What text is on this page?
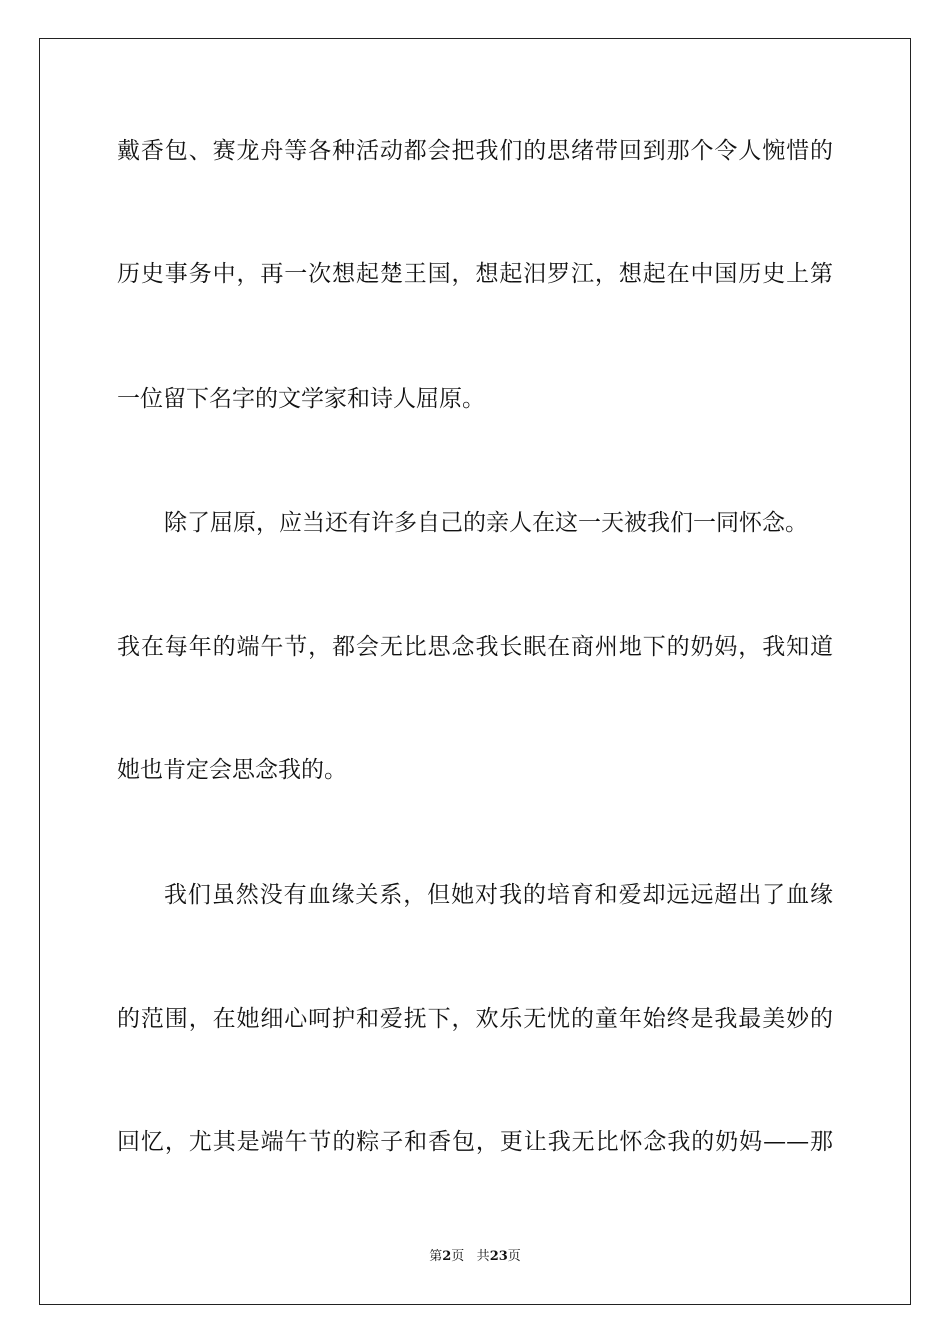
戴香包、赛龙舟等各种活动都会把我们的思绪带回到那个令人惋惜的
历史事务中，再一次想起楚王国，想起汨罗江，想起在中国历史上第
一位留下名字的文学家和诗人屈原。
除了屈原，应当还有许多自己的亲人在这一天被我们一同怀念。
我在每年的端午节，都会无比思念我长眠在商州地下的奶妈，我知道
她也肯定会思念我的。
我们虽然没有血缘关系，但她对我的培育和爱却远远超出了血缘
的范围，在她细心呵护和爱抚下，欢乐无忧的童年始终是我最美妙的
回忆，尤其是端午节的粽子和香包，更让我无比怀念我的奶妈——那
第2页 共23页
